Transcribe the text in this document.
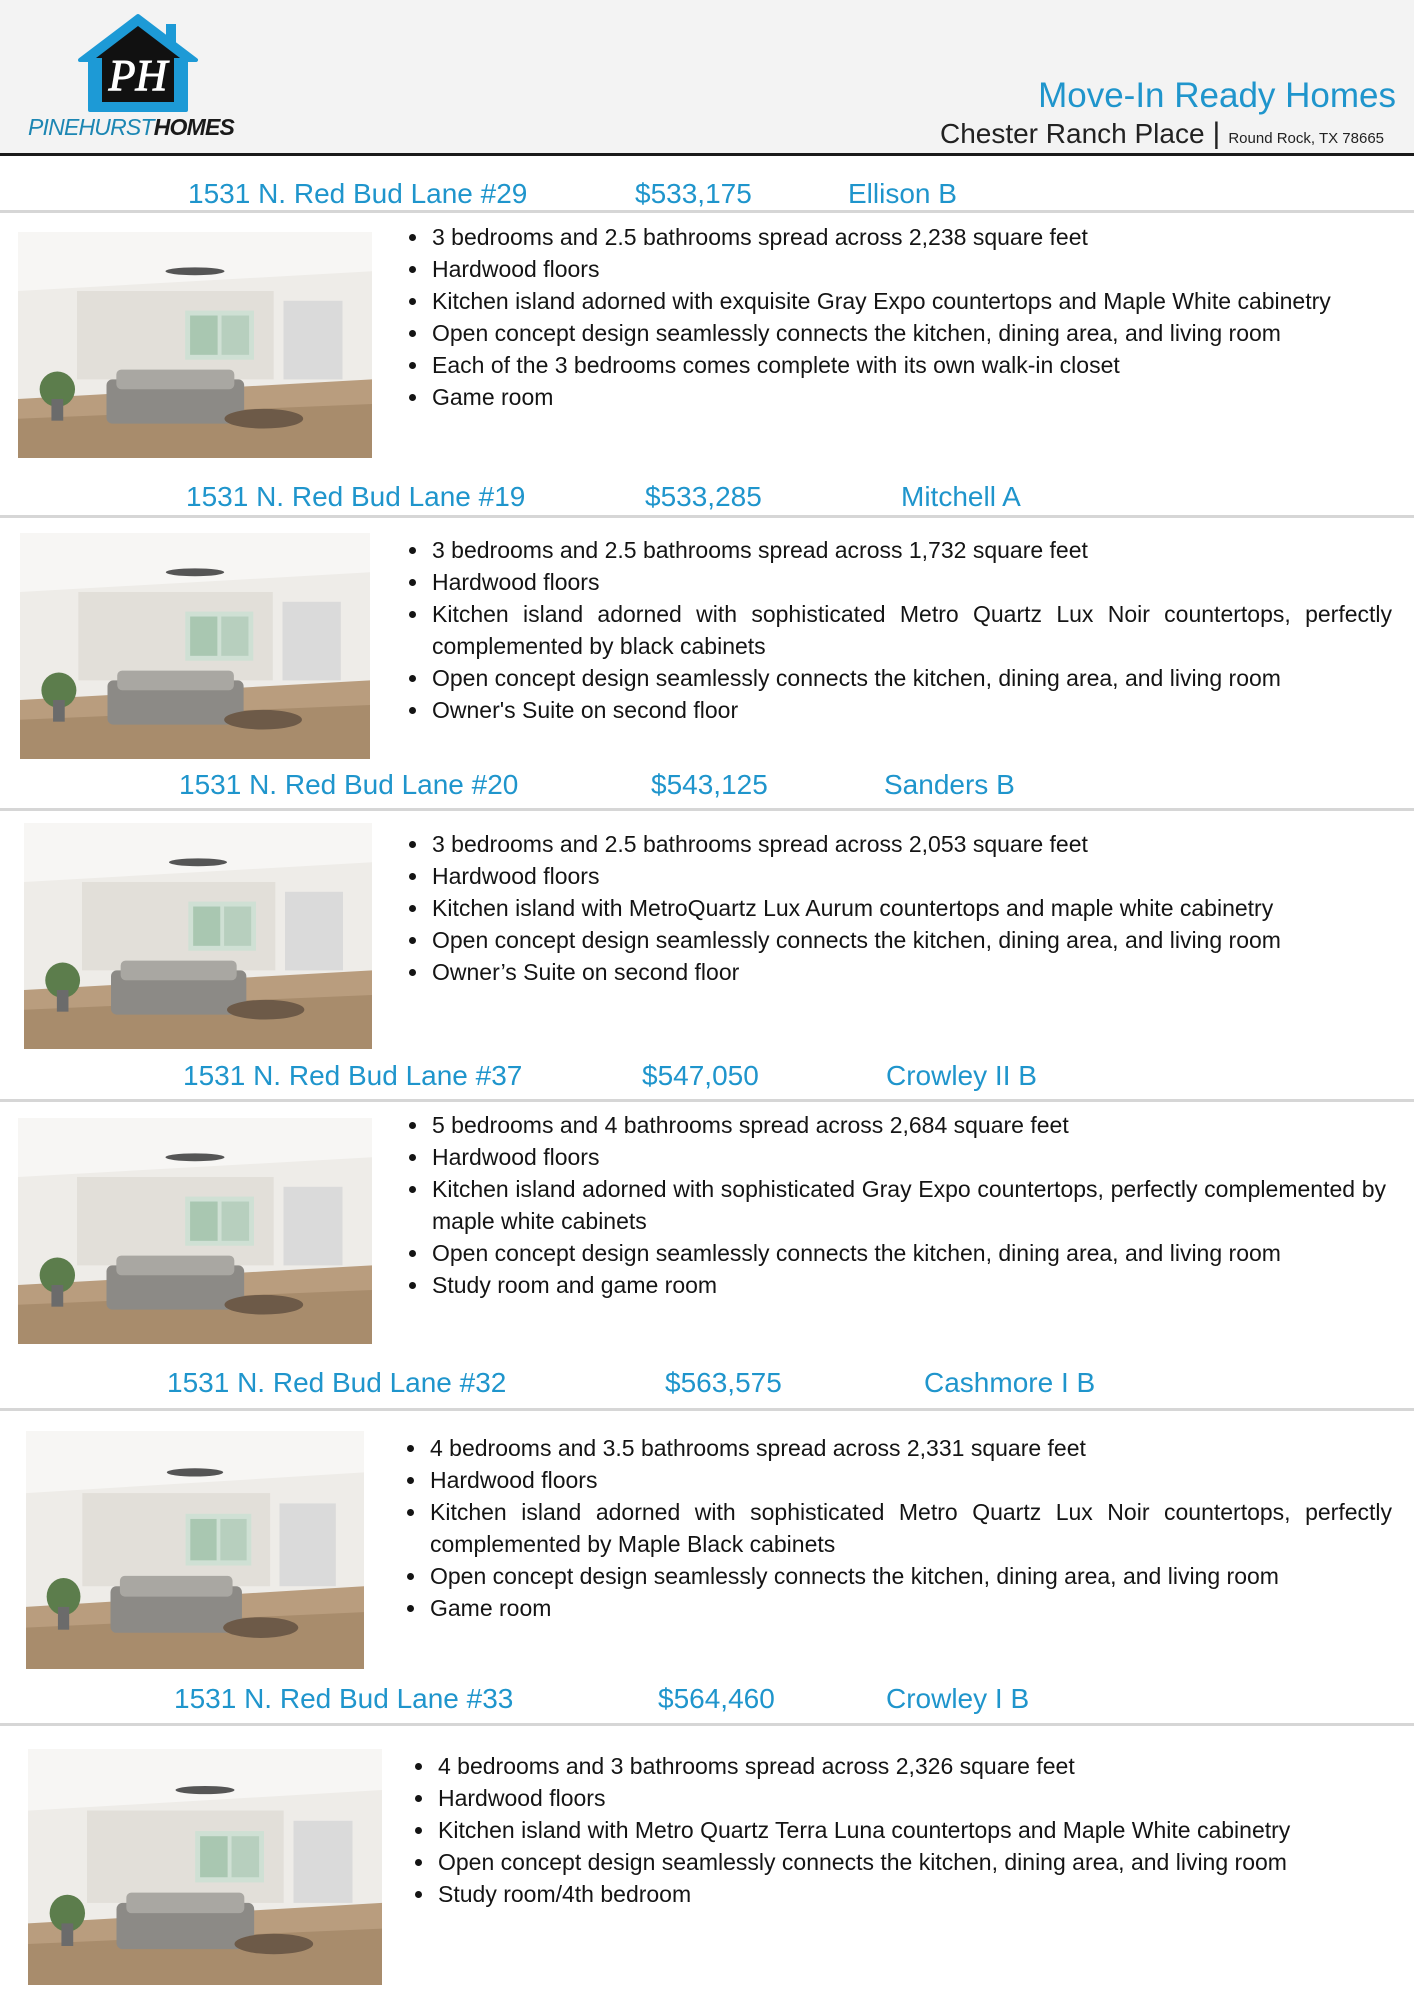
PH
PINEHURSTHOMES
Move-In Ready Homes
Chester Ranch Place | Round Rock, TX 78665
1531 N. Red Bud Lane #29	$533,175	Ellison B
• 3 bedrooms and 2.5 bathrooms spread across 2,238 square feet
• Hardwood floors
• Kitchen island adorned with exquisite Gray Expo countertops and Maple White cabinetry
• Open concept design seamlessly connects the kitchen, dining area, and living room
• Each of the 3 bedrooms comes complete with its own walk-in closet
• Game room
1531 N. Red Bud Lane #19	$533,285	Mitchell A
• 3 bedrooms and 2.5 bathrooms spread across 1,732 square feet
• Hardwood floors
• Kitchen island adorned with sophisticated Metro Quartz Lux Noir countertops, perfectly complemented by black cabinets
• Open concept design seamlessly connects the kitchen, dining area, and living room
• Owner's Suite on second floor
1531 N. Red Bud Lane #20	$543,125	Sanders B
• 3 bedrooms and 2.5 bathrooms spread across 2,053 square feet
• Hardwood floors
• Kitchen island with MetroQuartz Lux Aurum countertops and maple white cabinetry
• Open concept design seamlessly connects the kitchen, dining area, and living room
• Owner’s Suite on second floor
1531 N. Red Bud Lane #37	$547,050	Crowley II B
• 5 bedrooms and 4 bathrooms spread across 2,684 square feet
• Hardwood floors
• Kitchen island adorned with sophisticated Gray Expo countertops, perfectly complemented by maple white cabinets
• Open concept design seamlessly connects the kitchen, dining area, and living room
• Study room and game room
1531 N. Red Bud Lane #32	$563,575	Cashmore I B
• 4 bedrooms and 3.5 bathrooms spread across 2,331 square feet
• Hardwood floors
• Kitchen island adorned with sophisticated Metro Quartz Lux Noir countertops, perfectly complemented by Maple Black cabinets
• Open concept design seamlessly connects the kitchen, dining area, and living room
• Game room
1531 N. Red Bud Lane #33	$564,460	Crowley I B
• 4 bedrooms and 3 bathrooms spread across 2,326 square feet
• Hardwood floors
• Kitchen island with Metro Quartz Terra Luna countertops and Maple White cabinetry
• Open concept design seamlessly connects the kitchen, dining area, and living room
• Study room/4th bedroom
